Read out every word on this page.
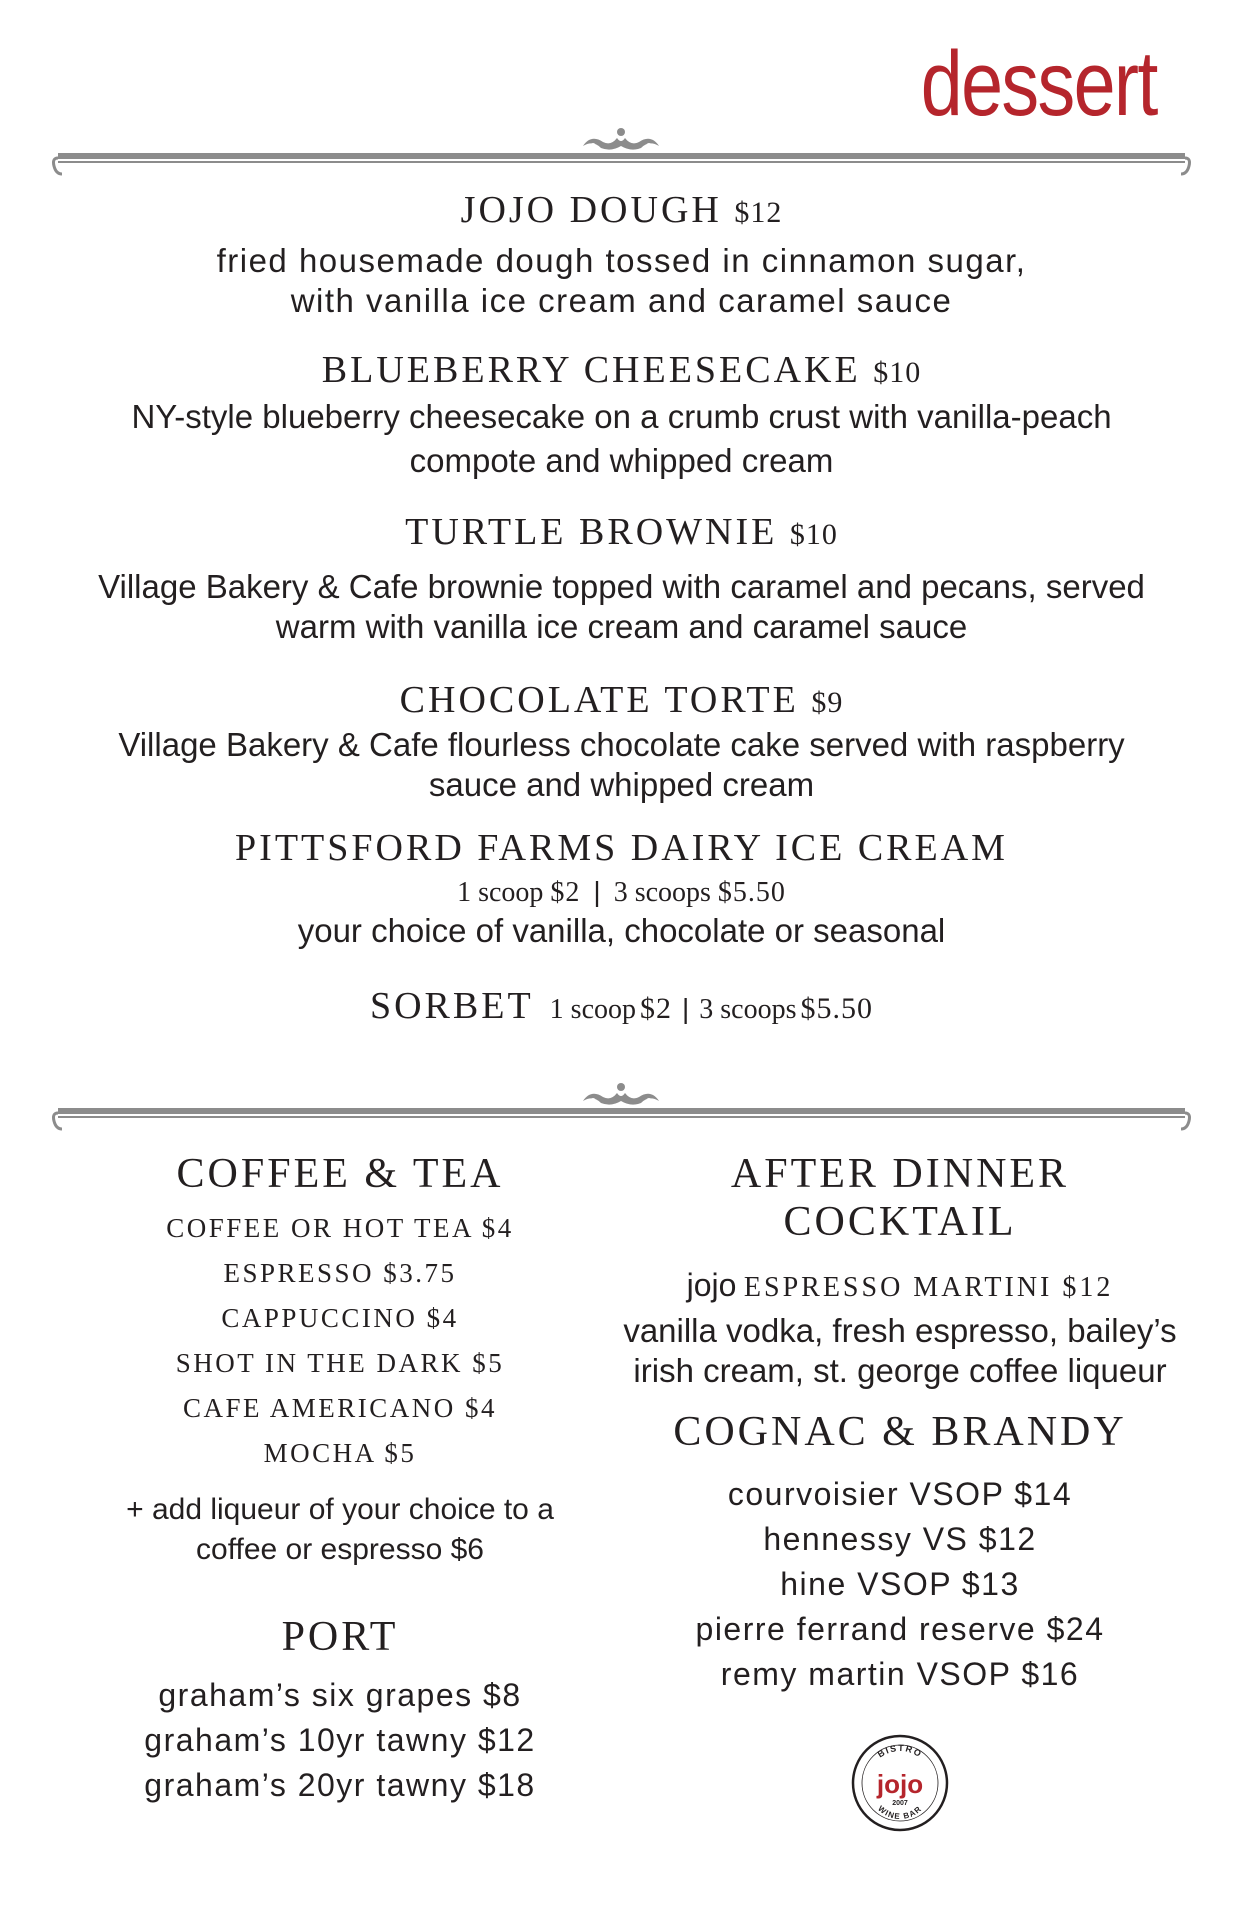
dessert
JOJO DOUGH $12
fried housemade dough tossed in cinnamon sugar,
with vanilla ice cream and caramel sauce
BLUEBERRY CHEESECAKE $10
NY-style blueberry cheesecake on a crumb crust with vanilla-peach
compote and whipped cream
TURTLE BROWNIE $10
Village Bakery & Cafe brownie topped with caramel and pecans, served
warm with vanilla ice cream and caramel sauce
CHOCOLATE TORTE $9
Village Bakery & Cafe flourless chocolate cake served with raspberry
sauce and whipped cream
PITTSFORD FARMS DAIRY ICE CREAM
1 scoop $2 | 3 scoops $5.50
your choice of vanilla, chocolate or seasonal
SORBET 1 scoop $2 | 3 scoops $5.50
COFFEE & TEA
COFFEE OR HOT TEA $4
ESPRESSO $3.75
CAPPUCCINO $4
SHOT IN THE DARK $5
CAFE AMERICANO $4
MOCHA $5
+ add liqueur of your choice to a
coffee or espresso $6
PORT
graham’s six grapes $8
graham’s 10yr tawny $12
graham’s 20yr tawny $18
AFTER DINNER COCKTAIL
jojo ESPRESSO MARTINI $12
vanilla vodka, fresh espresso, bailey’s
irish cream, st. george coffee liqueur
COGNAC & BRANDY
courvoisier VSOP $14
hennessy VS $12
hine VSOP $13
pierre ferrand reserve $24
remy martin VSOP $16
BISTRO
jojo
2007
WINE BAR
